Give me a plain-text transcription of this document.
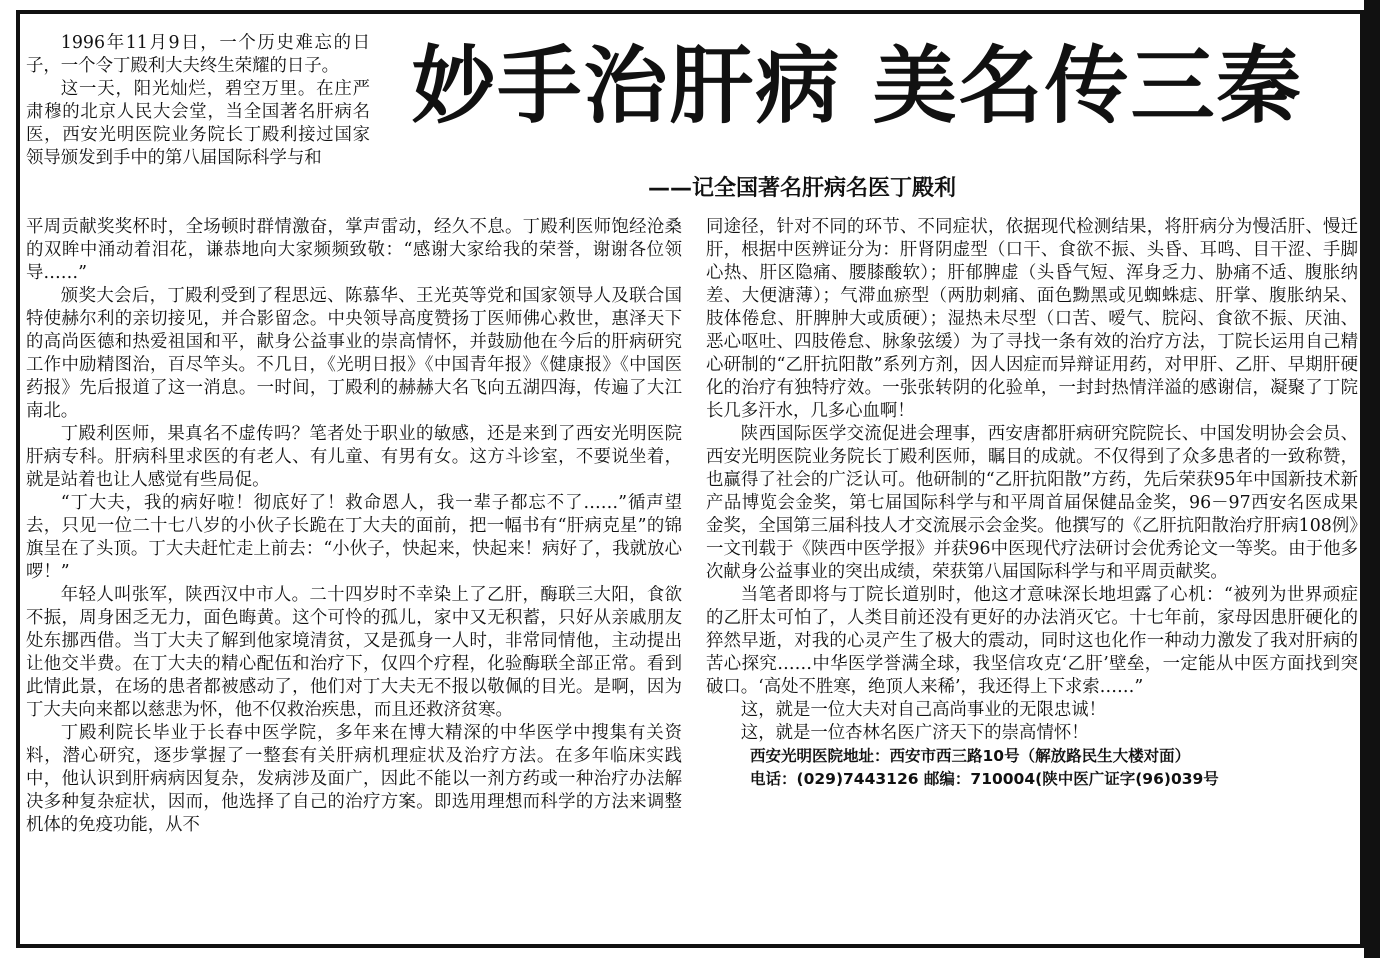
1996年11月9日，一个历史难忘的日子，一个令丁殿利大夫终生荣耀的日子。

这一天，阳光灿烂，碧空万里。在庄严肃穆的北京人民大会堂，当全国著名肝病名医，西安光明医院业务院长丁殿利接过国家领导颁发到手中的第八届国际科学与和

妙手治肝病 美名传三秦
——记全国著名肝病名医丁殿利

平周贡献奖奖杯时，全场顿时群情激奋，掌声雷动，经久不息。丁殿利医师饱经沧桑的双眸中涌动着泪花，谦恭地向大家频频致敬：“感谢大家给我的荣誉，谢谢各位领导……”

颁奖大会后，丁殿利受到了程思远、陈慕华、王光英等党和国家领导人及联合国特使赫尔利的亲切接见，并合影留念。中央领导高度赞扬丁医师佛心救世，惠泽天下的高尚医德和热爱祖国和平，献身公益事业的崇高情怀，并鼓励他在今后的肝病研究工作中励精图治，百尽竿头。不几日，《光明日报》《中国青年报》《健康报》《中国医药报》先后报道了这一消息。一时间，丁殿利的赫赫大名飞向五湖四海，传遍了大江南北。

丁殿利医师，果真名不虚传吗？笔者处于职业的敏感，还是来到了西安光明医院肝病专科。肝病科里求医的有老人、有儿童、有男有女。这方斗诊室，不要说坐着，就是站着也让人感觉有些局促。

“丁大夫，我的病好啦！彻底好了！救命恩人，我一辈子都忘不了……”循声望去，只见一位二十七八岁的小伙子长跪在丁大夫的面前，把一幅书有“肝病克星”的锦旗呈在了头顶。丁大夫赶忙走上前去：“小伙子，快起来，快起来！病好了，我就放心啰！”

年轻人叫张军，陕西汉中市人。二十四岁时不幸染上了乙肝，酶联三大阳，食欲不振，周身困乏无力，面色晦黄。这个可怜的孤儿，家中又无积蓄，只好从亲戚朋友处东挪西借。当丁大夫了解到他家境清贫，又是孤身一人时，非常同情他，主动提出让他交半费。在丁大夫的精心配伍和治疗下，仅四个疗程，化验酶联全部正常。看到此情此景，在场的患者都被感动了，他们对丁大夫无不报以敬佩的目光。是啊，因为丁大夫向来都以慈悲为怀，他不仅救治疾患，而且还救济贫寒。

丁殿利院长毕业于长春中医学院，多年来在博大精深的中华医学中搜集有关资料，潜心研究，逐步掌握了一整套有关肝病机理症状及治疗方法。在多年临床实践中，他认识到肝病病因复杂，发病涉及面广，因此不能以一剂方药或一种治疗办法解决多种复杂症状，因而，他选择了自己的治疗方案。即选用理想而科学的方法来调整机体的免疫功能，从不

同途径，针对不同的环节、不同症状，依据现代检测结果，将肝病分为慢活肝、慢迁肝，根据中医辨证分为：肝肾阴虚型（口干、食欲不振、头昏、耳鸣、目干涩、手脚心热、肝区隐痛、腰膝酸软）；肝郁脾虚（头昏气短、浑身乏力、胁痛不适、腹胀纳差、大便溏薄）；气滞血瘀型（两肋刺痛、面色黝黑或见蜘蛛痣、肝掌、腹胀纳呆、肢体倦怠、肝脾肿大或质硬）；湿热未尽型（口苦、嗳气、脘闷、食欲不振、厌油、恶心呕吐、四肢倦怠、脉象弦缓）为了寻找一条有效的治疗方法，丁院长运用自己精心研制的“乙肝抗阳散”系列方剂，因人因症而异辩证用药，对甲肝、乙肝、早期肝硬化的治疗有独特疗效。一张张转阴的化验单，一封封热情洋溢的感谢信，凝聚了丁院长几多汗水，几多心血啊！

陕西国际医学交流促进会理事，西安唐都肝病研究院院长、中国发明协会会员、西安光明医院业务院长丁殿利医师，瞩目的成就。不仅得到了众多患者的一致称赞，也赢得了社会的广泛认可。他研制的“乙肝抗阳散”方药，先后荣获95年中国新技术新产品博览会金奖，第七届国际科学与和平周首届保健品金奖，96－97西安名医成果金奖，全国第三届科技人才交流展示会金奖。他撰写的《乙肝抗阳散治疗肝病108例》一文刊载于《陕西中医学报》并获96中医现代疗法研讨会优秀论文一等奖。由于他多次献身公益事业的突出成绩，荣获第八届国际科学与和平周贡献奖。

当笔者即将与丁院长道别时，他这才意味深长地坦露了心机：“被列为世界顽症的乙肝太可怕了，人类目前还没有更好的办法消灭它。十七年前，家母因患肝硬化的猝然早逝，对我的心灵产生了极大的震动，同时这也化作一种动力激发了我对肝病的苦心探究……中华医学誉满全球，我坚信攻克‘乙肝’壁垒，一定能从中医方面找到突破口。‘高处不胜寒，绝顶人来稀’，我还得上下求索……”

这，就是一位大夫对自己高尚事业的无限忠诚！

这，就是一位杏林名医广济天下的崇高情怀！

西安光明医院地址：西安市西三路10号（解放路民生大楼对面）
电话：(029)7443126 邮编：710004(陕中医广证字(96)039号
